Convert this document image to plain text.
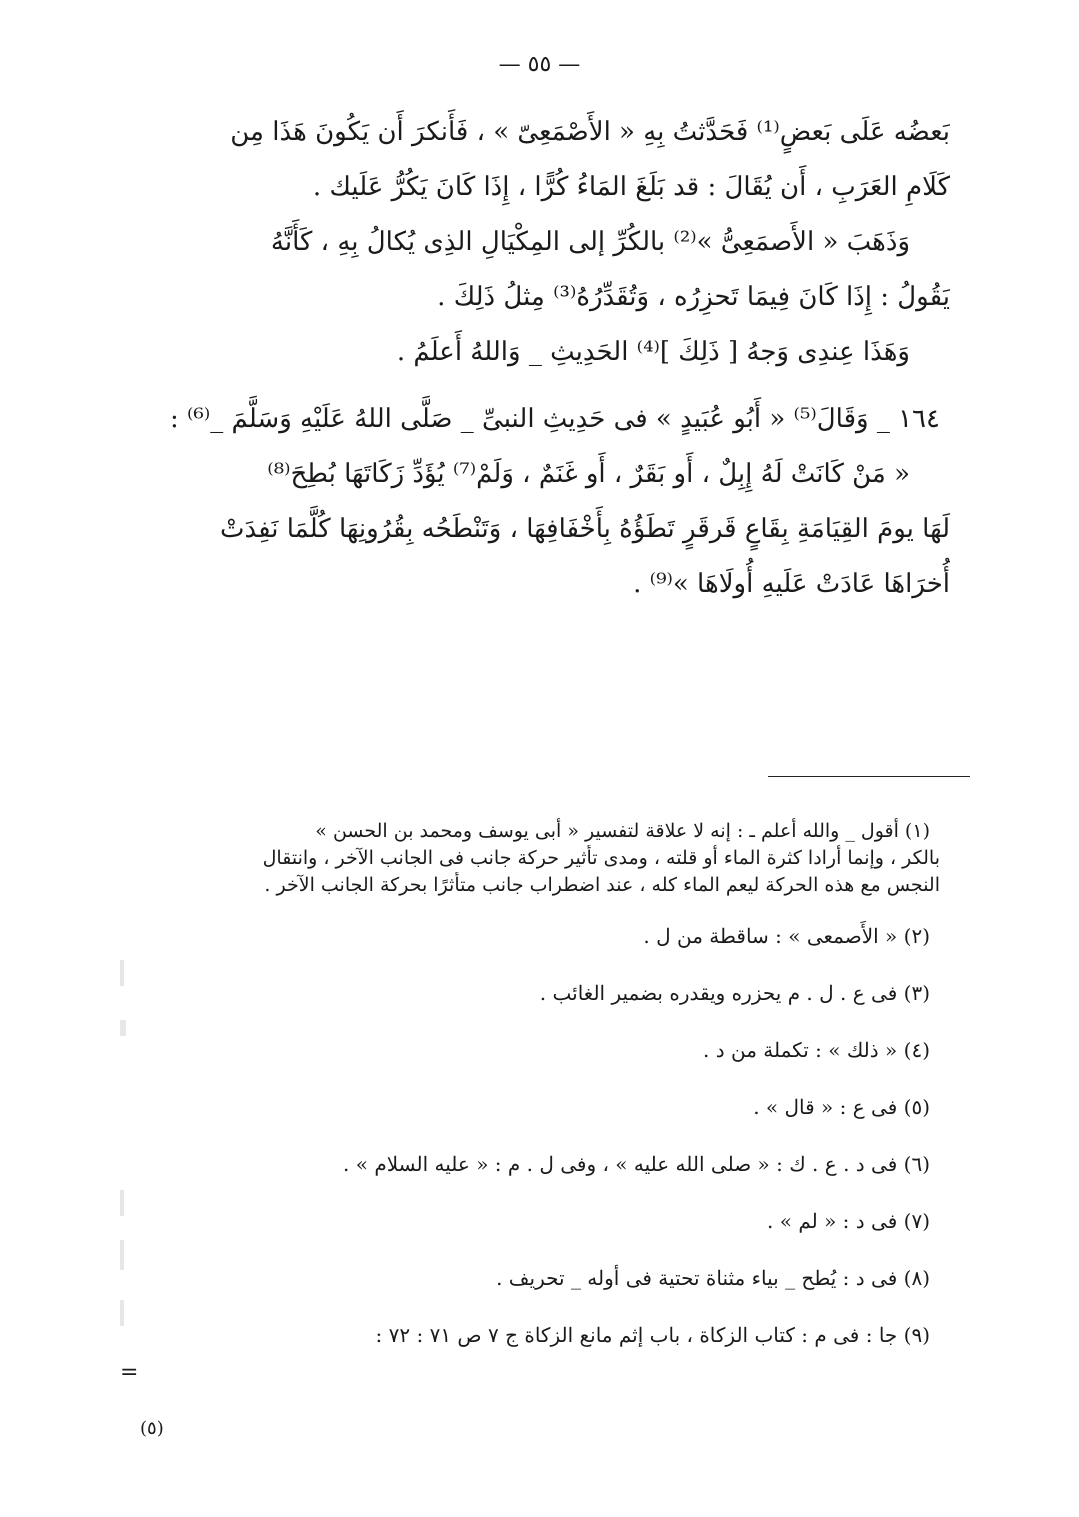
— ٥٥ —
بَعضُه عَلَى بَعضٍ⁽¹⁾ فَحَدَّثتُ بِهِ « الأَصْمَعِىّ » ، فَأَنكرَ أَن يَكُونَ هَذَا مِن
كَلَامِ العَرَبِ ، أَن يُقَالَ : قد بَلَغَ المَاءُ كُرًّا ، إِذَا كَانَ يَكُرُّ عَلَيك .
وَذَهَبَ « الأَصمَعِىُّ »⁽²⁾ بالكُرِّ إلى المِكْيَالِ الذِى يُكالُ بِهِ ، كَأَنَّهُ
يَقُولُ : إِذَا كَانَ فِيمَا تَحزِرُه ، وَتُقَدِّرُهُ⁽³⁾ مِثلُ ذَلِكَ .
وَهَذَا عِندِى وَجهُ [ ذَلِكَ ]⁽⁴⁾ الحَدِيثِ _ وَاللهُ أَعلَمُ .
١٦٤ _ وَقَالَ⁽⁵⁾ « أَبُو عُبَيدٍ » فى حَدِيثِ النبىِّ _ صَلَّى اللهُ عَلَيْهِ وَسَلَّمَ _⁽⁶⁾ :
« مَنْ كَانَتْ لَهُ إِبِلٌ ، أَو بَقَرٌ ، أَو غَنَمٌ ، وَلَمْ⁽⁷⁾ يُؤَدِّ زَكَاتَهَا بُطِحَ⁽⁸⁾
لَهَا يومَ القِيَامَةِ بِقَاعٍ قَرقَرٍ تَطَؤُهُ بِأَخْفَافِهَا ، وَتَنْطَحُه بِقُرُونِهَا كُلَّمَا نَفِدَتْ
أُخرَاهَا عَادَتْ عَلَيهِ أُولَاهَا »⁽⁹⁾ .
(١) أقول _ والله أعلم ـ : إنه لا علاقة لتفسير « أبى يوسف ومحمد بن الحسن »
بالكر ، وإنما أرادا كثرة الماء أو قلته ، ومدى تأثير حركة جانب فى الجانب الآخر ، وانتقال
النجس مع هذه الحركة ليعم الماء كله ، عند اضطراب جانب متأثرًا بحركة الجانب الآخر .
(٢) « الأَصمعى » : ساقطة من ل .
(٣) فى ع . ل . م يحزره ويقدره بضمير الغائب .
(٤) « ذلك » : تكملة من د .
(٥) فى ع : « قال » .
(٦) فى د . ع . ك : « صلى الله عليه » ، وفى ل . م : « عليه السلام » .
(٧) فى د : « لم » .
(٨) فى د : يُطح _ بياء مثناة تحتية فى أوله _ تحريف .
(٩) جا : فى م : كتاب الزكاة ، باب إثم مانع الزكاة ج ٧ ص ٧١ : ٧٢ :
=
(٥)
